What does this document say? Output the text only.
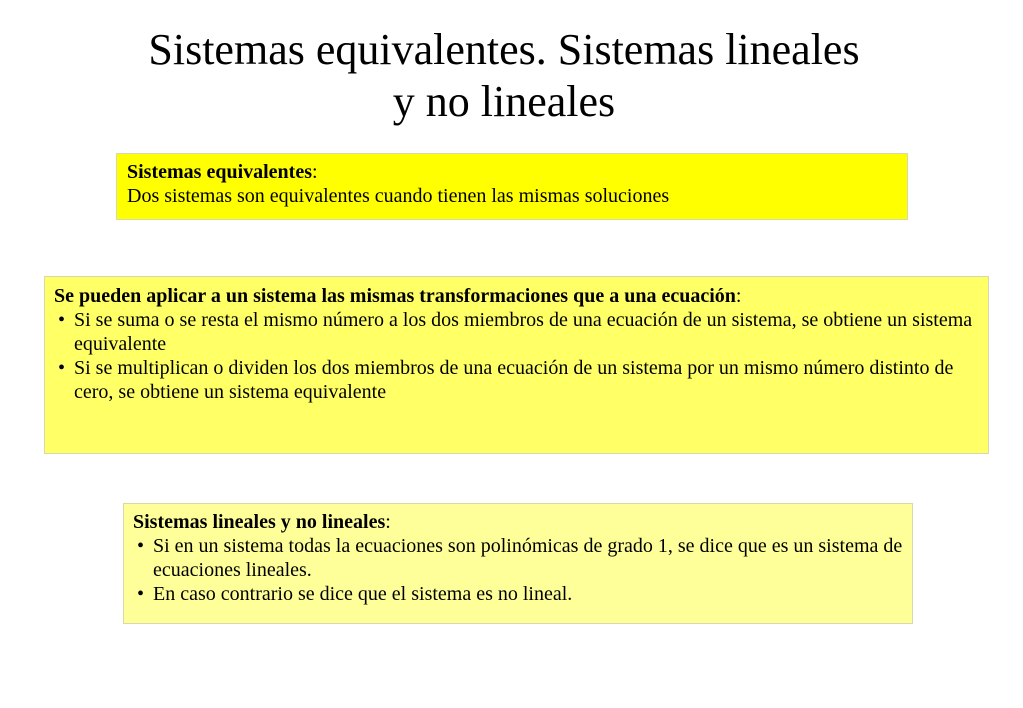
Sistemas equivalentes. Sistemas lineales
y no lineales
Sistemas equivalentes:
Dos sistemas son equivalentes cuando tienen las mismas soluciones
Se pueden aplicar a un sistema las mismas transformaciones que a una ecuación:
• Si se suma o se resta el mismo número a los dos miembros de una ecuación de un sistema, se obtiene un sistema equivalente
• Si se multiplican o dividen los dos miembros de una ecuación de un sistema por un mismo número distinto de cero, se obtiene un sistema equivalente
Sistemas lineales y no lineales:
• Si en un sistema todas la ecuaciones son polinómicas de grado 1, se dice que es un sistema de ecuaciones lineales.
• En caso contrario se dice que el sistema es no lineal.
